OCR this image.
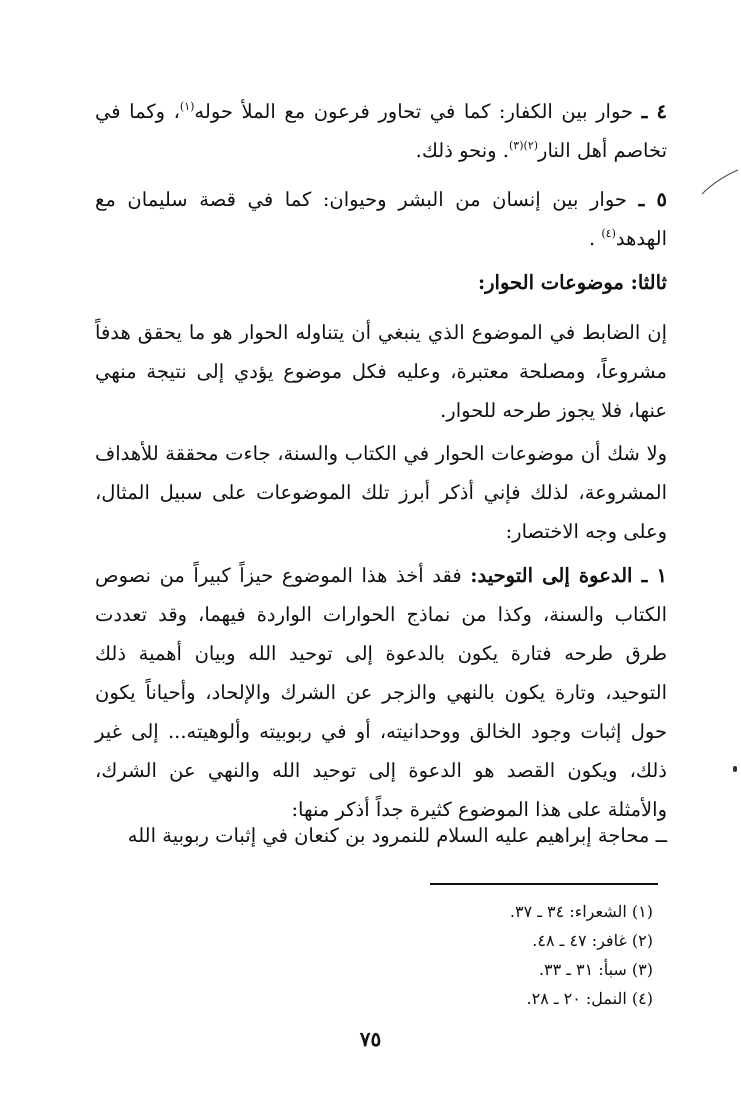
٤ ـ حوار بين الكفار: كما في تحاور فرعون مع الملأ حوله$^{(١)}$، وكما في تخاصم أهل النار$^{(٢)(٣)}$. ونحو ذلك.

٥ ـ حوار بين إنسان من البشر وحيوان: كما في قصة سليمان مع الهدهد$^{(٤)}$ .

ثالثا: موضوعات الحوار:

إن الضابط في الموضوع الذي ينبغي أن يتناوله الحوار هو ما يحقق هدفاً مشروعاً، ومصلحة معتبرة، وعليه فكل موضوع يؤدي إلى نتيجة منهي عنها، فلا يجوز طرحه للحوار.

ولا شك أن موضوعات الحوار في الكتاب والسنة، جاءت محققة للأهداف المشروعة، لذلك فإني أذكر أبرز تلك الموضوعات على سبيل المثال، وعلى وجه الاختصار:

١ ـ الدعوة إلى التوحيد: فقد أخذ هذا الموضوع حيزاً كبيراً من نصوص الكتاب والسنة، وكذا من نماذج الحوارات الواردة فيهما، وقد تعددت طرق طرحه فتارة يكون بالدعوة إلى توحيد الله وبيان أهمية ذلك التوحيد، وتارة يكون بالنهي والزجر عن الشرك والإلحاد، وأحياناً يكون حول إثبات وجود الخالق ووحدانيته، أو في ربوبيته وألوهيته... إلى غير ذلك، ويكون القصد هو الدعوة إلى توحيد الله والنهي عن الشرك، والأمثلة على هذا الموضوع كثيرة جداً أذكر منها:

ــ محاجة إبراهيم عليه السلام للنمرود بن كنعان في إثبات ربوبية الله

(١) الشعراء: ٣٤ ـ ٣٧.
(٢) غافر: ٤٧ ـ ٤٨.
(٣) سبأ: ٣١ ـ ٣٣.
(٤) النمل: ٢٠ ـ ٢٨.
٧٥
